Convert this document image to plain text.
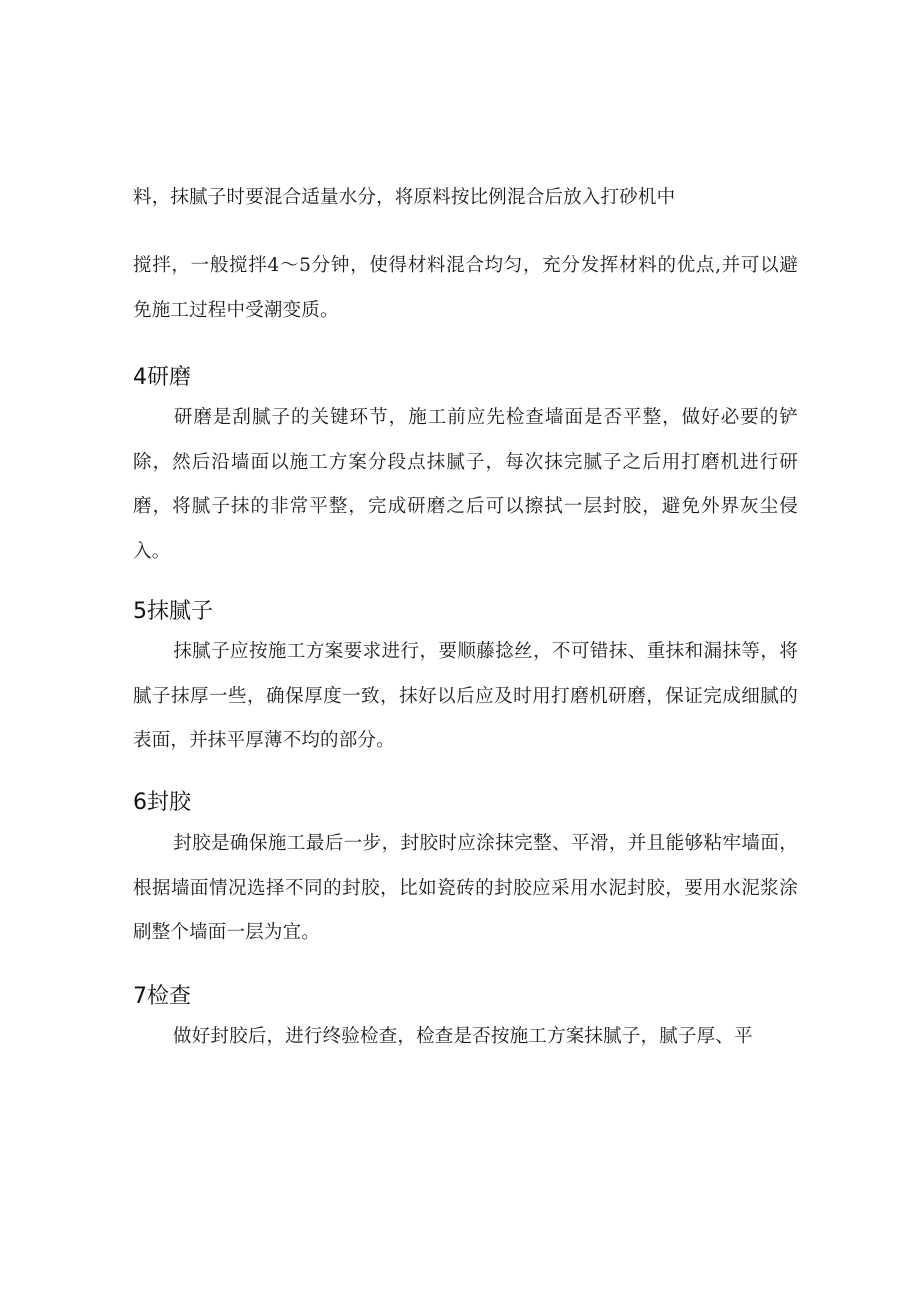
料，抹腻子时要混合适量水分，将原料按比例混合后放入打砂机中
搅拌，一般搅拌4〜5分钟，使得材料混合均匀，充分发挥材料的优点,并可以避免施工过程中受潮变质。
4研磨
研磨是刮腻子的关键环节，施工前应先检查墙面是否平整，做好必要的铲除，然后沿墙面以施工方案分段点抹腻子，每次抹完腻子之后用打磨机进行研磨，将腻子抹的非常平整，完成研磨之后可以擦拭一层封胶，避免外界灰尘侵入。
5抹腻子
抹腻子应按施工方案要求进行，要顺藤捻丝，不可错抹、重抹和漏抹等，将腻子抹厚一些，确保厚度一致，抹好以后应及时用打磨机研磨，保证完成细腻的表面，并抹平厚薄不均的部分。
6封胶
封胶是确保施工最后一步，封胶时应涂抹完整、平滑，并且能够粘牢墙面，根据墙面情况选择不同的封胶，比如瓷砖的封胶应采用水泥封胶，要用水泥浆涂刷整个墙面一层为宜。
7检查
做好封胶后，进行终验检查，检查是否按施工方案抹腻子，腻子厚、平
